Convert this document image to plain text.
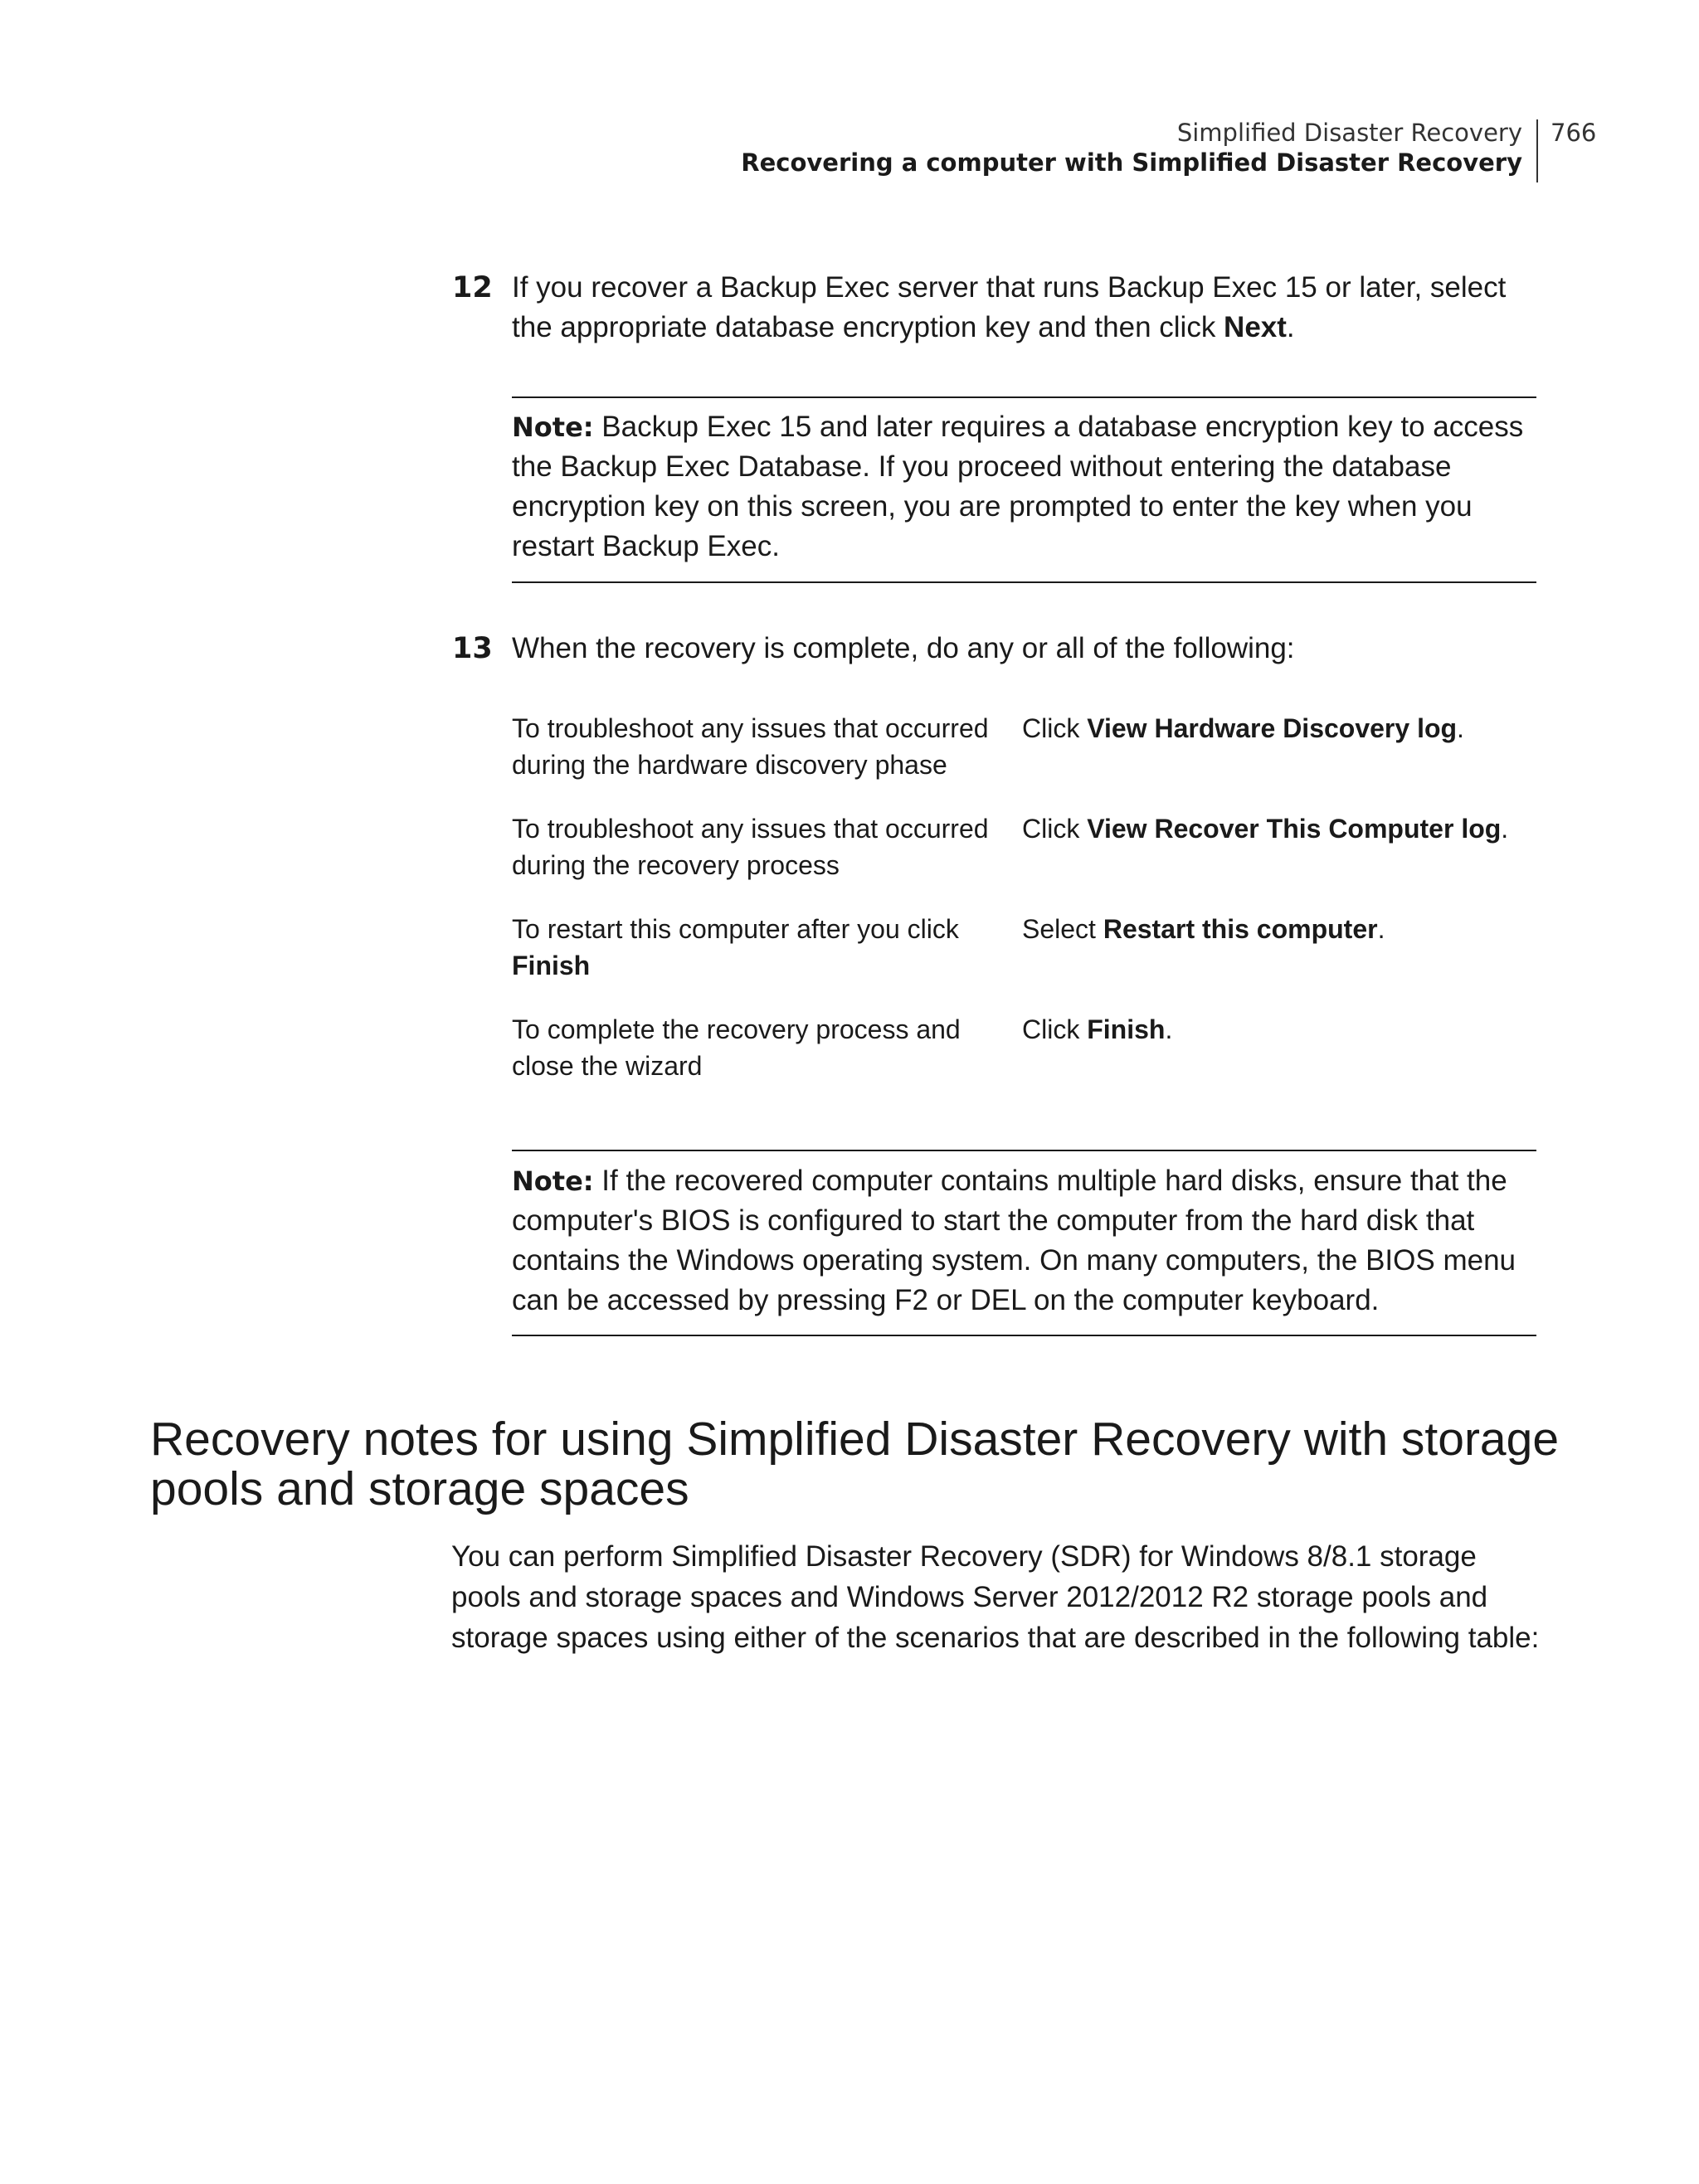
Simplified Disaster Recovery
Recovering a computer with Simplified Disaster Recovery
766
12 If you recover a Backup Exec server that runs Backup Exec 15 or later, select the appropriate database encryption key and then click Next.
Note: Backup Exec 15 and later requires a database encryption key to access the Backup Exec Database. If you proceed without entering the database encryption key on this screen, you are prompted to enter the key when you restart Backup Exec.
13 When the recovery is complete, do any or all of the following:
To troubleshoot any issues that occurred during the hardware discovery phase
Click View Hardware Discovery log.
To troubleshoot any issues that occurred during the recovery process
Click View Recover This Computer log.
To restart this computer after you click Finish
Select Restart this computer.
To complete the recovery process and close the wizard
Click Finish.
Note: If the recovered computer contains multiple hard disks, ensure that the computer's BIOS is configured to start the computer from the hard disk that contains the Windows operating system. On many computers, the BIOS menu can be accessed by pressing F2 or DEL on the computer keyboard.
Recovery notes for using Simplified Disaster Recovery with storage pools and storage spaces

You can perform Simplified Disaster Recovery (SDR) for Windows 8/8.1 storage pools and storage spaces and Windows Server 2012/2012 R2 storage pools and storage spaces using either of the scenarios that are described in the following table:
